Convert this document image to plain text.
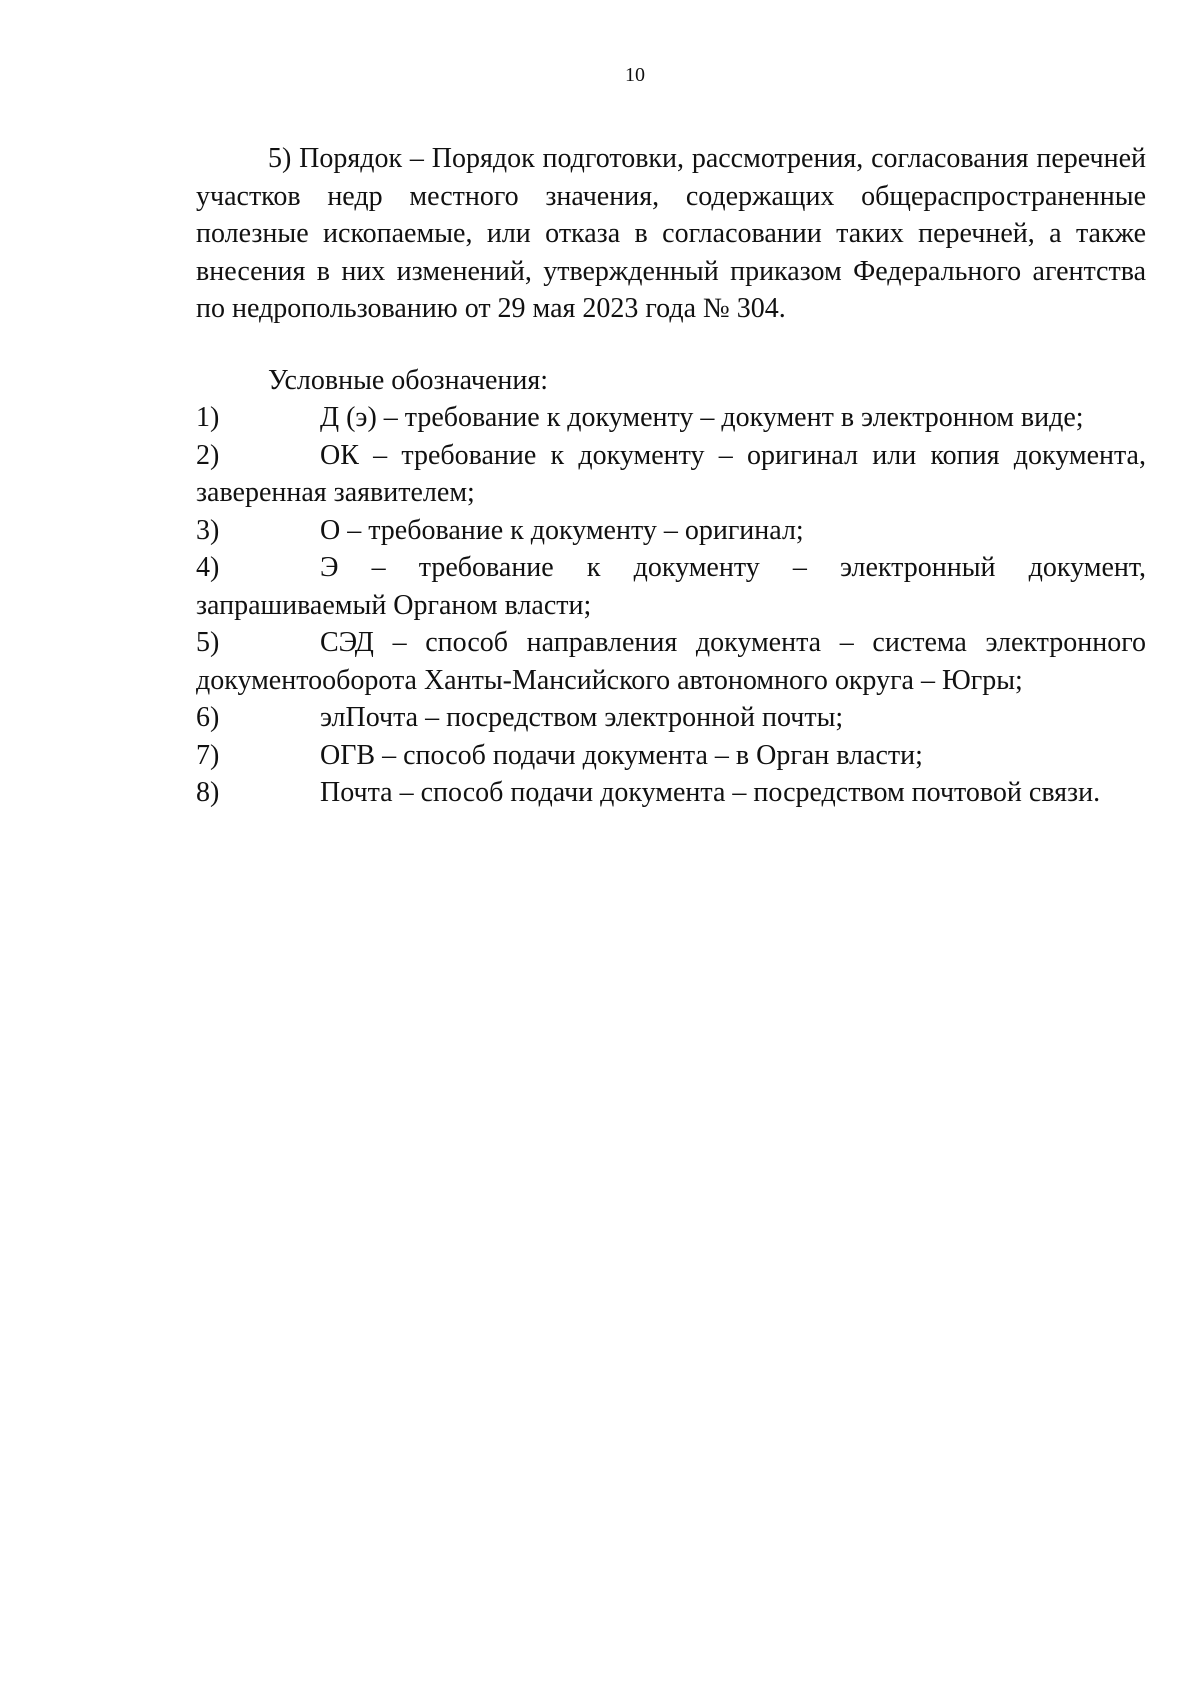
10

5) Порядок – Порядок подготовки, рассмотрения, согласования перечней участков недр местного значения, содержащих общераспространенные полезные ископаемые, или отказа в согласовании таких перечней, а также внесения в них изменений, утвержденный приказом Федерального агентства по недропользованию от 29 мая 2023 года № 304.

Условные обозначения:

1)	Д (э) – требование к документу – документ в электронном виде;

2)	ОК – требование к документу – оригинал или копия документа, заверенная заявителем;

3)	О – требование к документу – оригинал;

4)	Э – требование к документу – электронный документ, запрашиваемый Органом власти;

5)	СЭД – способ направления документа – система электронного документооборота Ханты-Мансийского автономного округа – Югры;

6)	элПочта – посредством электронной почты;

7)	ОГВ – способ подачи документа – в Орган власти;

8)	Почта – способ подачи документа – посредством почтовой связи.
